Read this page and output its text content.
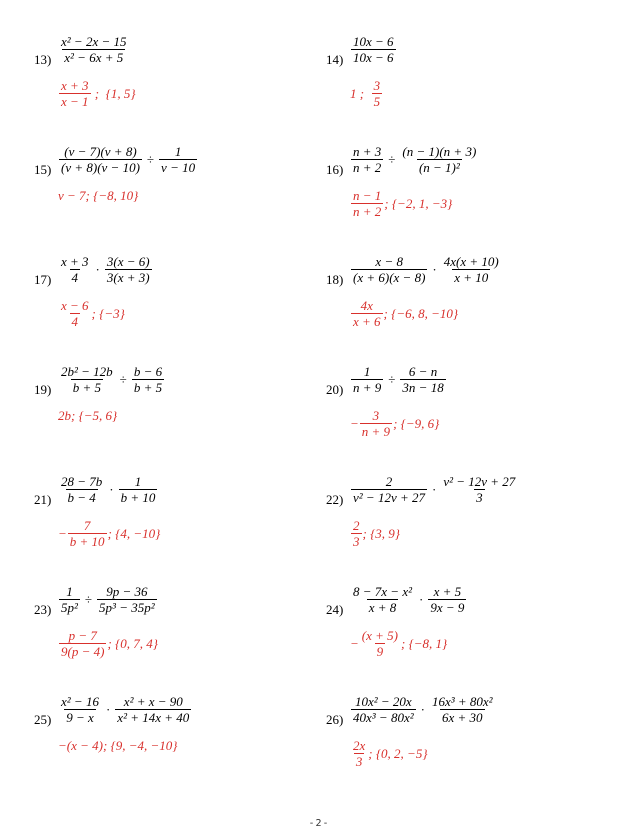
$13) \frac{\text{x² − 2x − 15}}{\text{x² − 6x + 5}}$
$\frac{x + 3}{x - 1}$ ;  {1, 5}
$14) \frac{10x - 6}{10x - 6}$
1 ; $\frac{3}{5}$
$15) \frac{(v - 7)(v + 8)}{(v + 8)(v - 10)} \div \frac{1}{v - 10}$
v − 7; {−8, 10}
$16) \frac{n + 3}{n + 2} \div \frac{(n - 1)(n + 3)}{\text{(n − 1)²}}$
$\frac{n - 1}{n + 2}$ ; {−2, 1, −3}
$17) \frac{x + 3}{4} \cdot \frac{3(x - 6)}{3(x + 3)}$
$\frac{x - 6}{4}$ ; {−3}
$18) \frac{x - 8}{(x + 6)(x - 8)} \cdot \frac{4x(x + 10)}{x + 10}$
$\frac{4x}{x + 6}$ ; {−6, 8, −10}
$19) \frac{\text{2b² − 12b}}{b + 5} \div \frac{b - 6}{b + 5}$
2b; {−5, 6}
$20) \frac{1}{n + 9} \div \frac{6 - n}{3n - 18}$
− $\frac{3}{n + 9}$ ; {−9, 6}
$21) \frac{28 - 7b}{b - 4} \cdot \frac{1}{b + 10}$
− $\frac{7}{b + 10}$ ; {4, −10}
$22) \frac{2}{\text{v² − 12v + 27}} \cdot \frac{\text{v² − 12v + 27}}{3}$
$\frac{2}{3}$ ; {3, 9}
$23) \frac{1}{\text{5p²}} \div \frac{9p - 36}{\text{5p³ − 35p²}}$
$\frac{p - 7}{9(p - 4)}$ ; {0, 7, 4}
$24) \frac{\text{8 − 7x − x²}}{x + 8} \cdot \frac{x + 5}{9x - 9}$
− $\frac{(x + 5)}{9}$ ; {−8, 1}
$25) \frac{\text{x² − 16}}{9 - x} \cdot \frac{\text{x² + x − 90}}{\text{x² + 14x + 40}}$
−(x − 4); {9, −4, −10}
$26) \frac{\text{10x² − 20x}}{\text{40x³ − 80x²}} \cdot \frac{\text{16x³ + 80x²}}{6x + 30}$
$\frac{2x}{3}$ ; {0, 2, −5}
-2-
